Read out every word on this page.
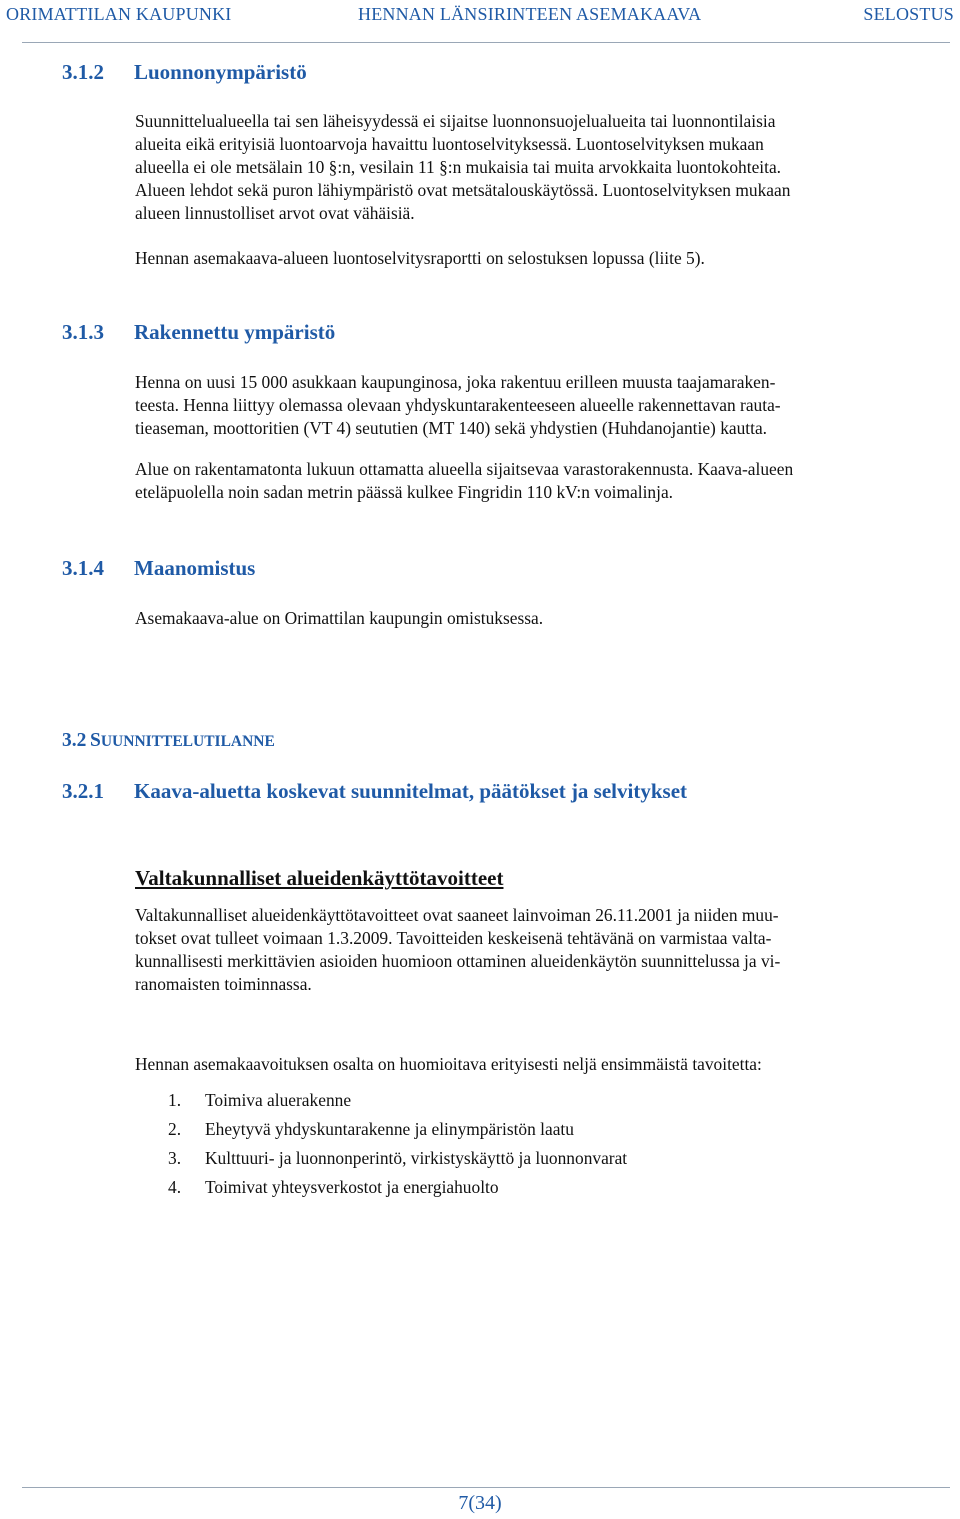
ORIMATTILAN KAUPUNKI	HENNAN LÄNSIRINTEEN ASEMAKAAVA	SELOSTUS
3.1.2 Luonnonympäristö

Suunnittelualueella tai sen läheisyydessä ei sijaitse luonnonsuojelualueita tai luonnontilaisia

alueita eikä erityisiä luontoarvoja havaittu luontoselvityksessä. Luontoselvityksen mukaan

alueella ei ole metsälain 10 §:n, vesilain 11 §:n mukaisia tai muita arvokkaita luontokohteita.

Alueen lehdot sekä puron lähiympäristö ovat metsätalouskäytössä. Luontoselvityksen mukaan

alueen linnustolliset arvot ovat vähäisiä.

Hennan asemakaava-alueen luontoselvitysraportti on selostuksen lopussa (liite 5).
3.1.3 Rakennettu ympäristö

Henna on uusi 15 000 asukkaan kaupunginosa, joka rakentuu erilleen muusta taajamaraken-

teesta. Henna liittyy olemassa olevaan yhdyskuntarakenteeseen alueelle rakennettavan rauta-

tieaseman, moottoritien (VT 4) seututien (MT 140) sekä yhdystien (Huhdanojantie) kautta.

Alue on rakentamatonta lukuun ottamatta alueella sijaitsevaa varastorakennusta. Kaava-alueen

eteläpuolella noin sadan metrin päässä kulkee Fingridin 110 kV:n voimalinja.

3.1.4 Maanomistus
Asemakaava-alue on Orimattilan kaupungin omistuksessa.
3.2 SUUNNITTELUTILANNE
3.2.1 Kaava-aluetta koskevat suunnitelmat, päätökset ja selvitykset
Valtakunnalliset alueidenkäyttötavoitteet

Valtakunnalliset alueidenkäyttötavoitteet ovat saaneet lainvoiman 26.11.2001 ja niiden muu-

tokset ovat tulleet voimaan 1.3.2009. Tavoitteiden keskeisenä tehtävänä on varmistaa valta-

kunnallisesti merkittävien asioiden huomioon ottaminen alueidenkäytön suunnittelussa ja vi-

ranomaisten toiminnassa.

Hennan asemakaavoituksen osalta on huomioitava erityisesti neljä ensimmäistä tavoitetta:
1. Toimiva aluerakenne
2. Eheytyvä yhdyskuntarakenne ja elinympäristön laatu
3. Kulttuuri- ja luonnonperintö, virkistyskäyttö ja luonnonvarat
4. Toimivat yhteysverkostot ja energiahuolto
7(34)
